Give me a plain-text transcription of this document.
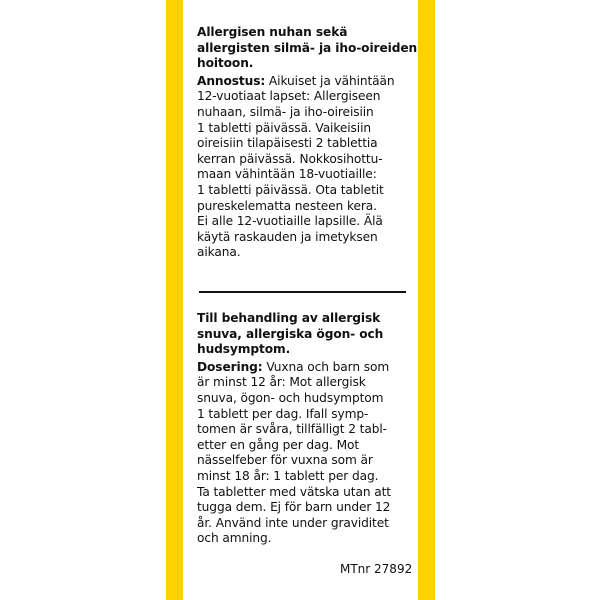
Allergisen nuhan sekä
allergisten silmä- ja iho-oireiden
hoitoon.

Annostus: Aikuiset ja vähintään
12-vuotiaat lapset: Allergiseen
nuhaan, silmä- ja iho-oireisiin
1 tabletti päivässä. Vaikeisiin
oireisiin tilapäisesti 2 tablettia
kerran päivässä. Nokkosihottu-
maan vähintään 18-vuotiaille:
1 tabletti päivässä. Ota tabletit
pureskelematta nesteen kera.
Ei alle 12-vuotiaille lapsille. Älä
käytä raskauden ja imetyksen
aikana.

Till behandling av allergisk
snuva, allergiska ögon- och
hudsymptom.

Dosering: Vuxna och barn som
är minst 12 år: Mot allergisk
snuva, ögon- och hudsymptom
1 tablett per dag. Ifall symp-
tomen är svåra, tillfälligt 2 tabl-
etter en gång per dag. Mot
nässelfeber för vuxna som är
minst 18 år: 1 tablett per dag.
Ta tabletter med vätska utan att
tugga dem. Ej för barn under 12
år. Använd inte under graviditet
och amning.

MTnr 27892
